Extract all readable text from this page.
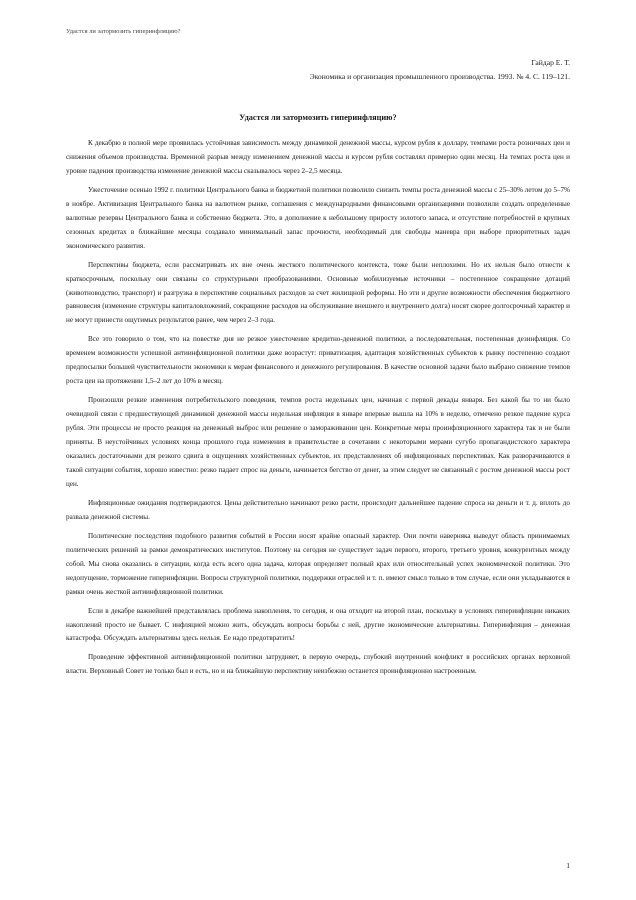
Удастся ли затормозить гиперинфляцию?
Гайдар Е. Т.
Экономика и организация промышленного производства. 1993. № 4. С. 119–121.
Удастся ли затормозить гиперинфляцию?

К декабрю в полной мере проявилась устойчивая зависимость между динамикой денежной массы, курсом рубля к доллару, темпами роста розничных цен и снижения объемов производства. Временной разрыв между изменением денежной массы и курсом рубля составлял примерно один месяц. На темпах роста цен и уровне падения производства изменение денежной массы сказывалось через 2–2,5 месяца.

Ужесточение осенью 1992 г. политики Центрального банка и бюджетной политики позволило снизить темпы роста денежной массы с 25–30% летом до 5–7% в ноябре. Активизация Центрального банка на валютном рынке, соглашения с международными финансовыми организациями позволили создать определенные валютные резервы Центрального банка и собственно бюджета. Это, в дополнение к небольшому приросту золотого запаса, и отсутствие потребностей в крупных сезонных кредитах в ближайшие месяцы создавало минимальный запас прочности, необходимый для свободы маневра при выборе приоритетных задач экономического развития.

Перспективы бюджета, если рассматривать их вне очень жесткого политического контекста, тоже были неплохими. Но их нельзя было отнести к краткосрочным, поскольку они связаны со структурными преобразованиями. Основные мобилизуемые источники – постепенное сокращение дотаций (животноводство, транспорт) и разгрузка в перспективе социальных расходов за счет жилищной реформы. Но эти и другие возможности обеспечения бюджетного равновесия (изменение структуры капиталовложений, сокращение расходов на обслуживание внешнего и внутреннего долга) носят скорее долгосрочный характер и не могут принести ощутимых результатов ранее, чем через 2–3 года.

Все это говорило о том, что на повестке дня не резкое ужесточение кредитно-денежной политики, а последовательная, постепенная дезинфляция. Со временем возможности успешной антиинфляционной политики даже возрастут: приватизация, адаптация хозяйственных субъектов к рынку постепенно создают предпосылки большей чувствительности экономики к мерам финансового и денежного регулирования. В качестве основной задачи было выбрано снижение темпов роста цен на протяжении 1,5–2 лет до 10% в месяц.

Произошли резкие изменения потребительского поведения, темпов роста недельных цен, начиная с первой декады января. Без какой бы то ни было очевидной связи с предшествующей динамикой денежной массы недельная инфляция в январе впервые вышла на 10% в неделю, отмечено резкое падение курса рубля. Эти процессы не просто реакция на денежный выброс или решение о замораживании цен. Конкретные меры проинфляционного характера так и не были приняты. В неустойчивых условиях конца прошлого года изменения в правительстве в сочетании с некоторыми мерами сугубо пропагандистского характера оказались достаточными для резкого сдвига в ощущениях хозяйственных субъектов, их представлениях об инфляционных перспективах. Как разворачиваются в такой ситуации события, хорошо известно: резко падает спрос на деньги, начинается бегство от денег, за этим следует не связанный с ростом денежной массы рост цен.

Инфляционные ожидания подтверждаются. Цены действительно начинают резко расти, происходит дальнейшее падение спроса на деньги и т. д. вплоть до развала денежной системы.

Политические последствия подобного развития событий в России носят крайне опасный характер. Они почти наверняка выведут область принимаемых политических решений за рамки демократических институтов. Поэтому на сегодня не существует задач первого, второго, третьего уровня, конкурентных между собой. Мы снова оказались в ситуации, когда есть всего одна задача, которая определяет полный крах или относительный успех экономической политики. Это недопущение, торможение гиперинфляции. Вопросы структурной политики, поддержки отраслей и т. п. имеют смысл только в том случае, если они укладываются в рамки очень жесткой антиинфляционной политики.

Если в декабре важнейшей представлялась проблема накопления, то сегодня, и она отходит на второй план, поскольку в условиях гиперинфляции никаких накоплений просто не бывает. С инфляцией можно жить, обсуждать вопросы борьбы с ней, другие экономические альтернативы. Гиперинфляция – денежная катастрофа. Обсуждать альтернативы здесь нельзя. Ее надо предотвратить!

Проведение эффективной антиинфляционной политики затрудняет, в первую очередь, глубокий внутренний конфликт в российских органах верховной власти. Верховный Совет не только был и есть, но и на ближайшую перспективу неизбежно останется проинфляционно настроенным.

1
